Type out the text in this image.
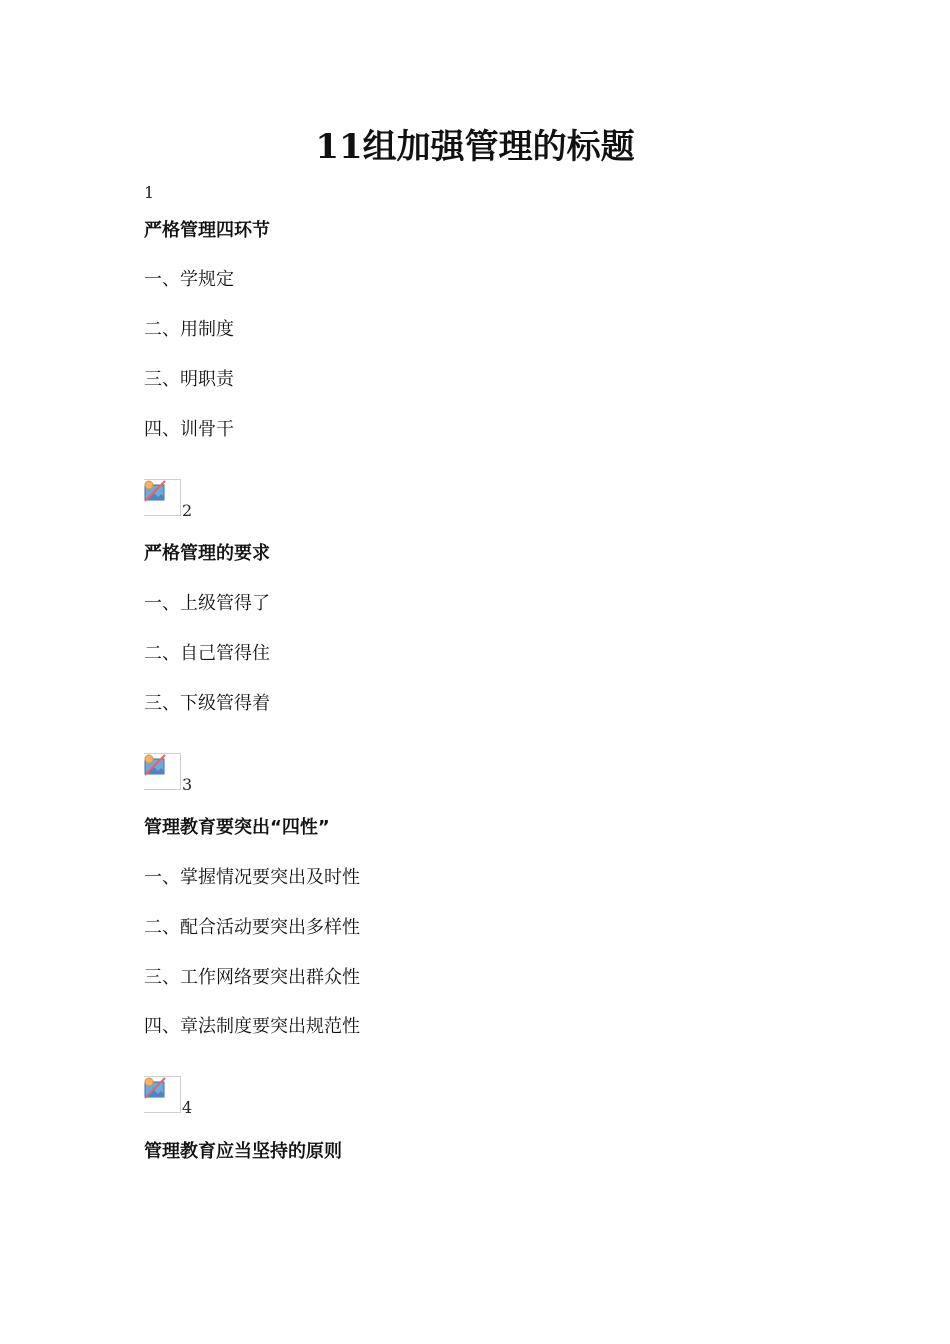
11组加强管理的标题
1

严格管理四环节

一、学规定

二、用制度

三、明职责

四、训骨干

2

严格管理的要求

一、上级管得了

二、自己管得住

三、下级管得着

3

管理教育要突出“四性”

一、掌握情况要突出及时性

二、配合活动要突出多样性

三、工作网络要突出群众性

四、章法制度要突出规范性

4

管理教育应当坚持的原则
